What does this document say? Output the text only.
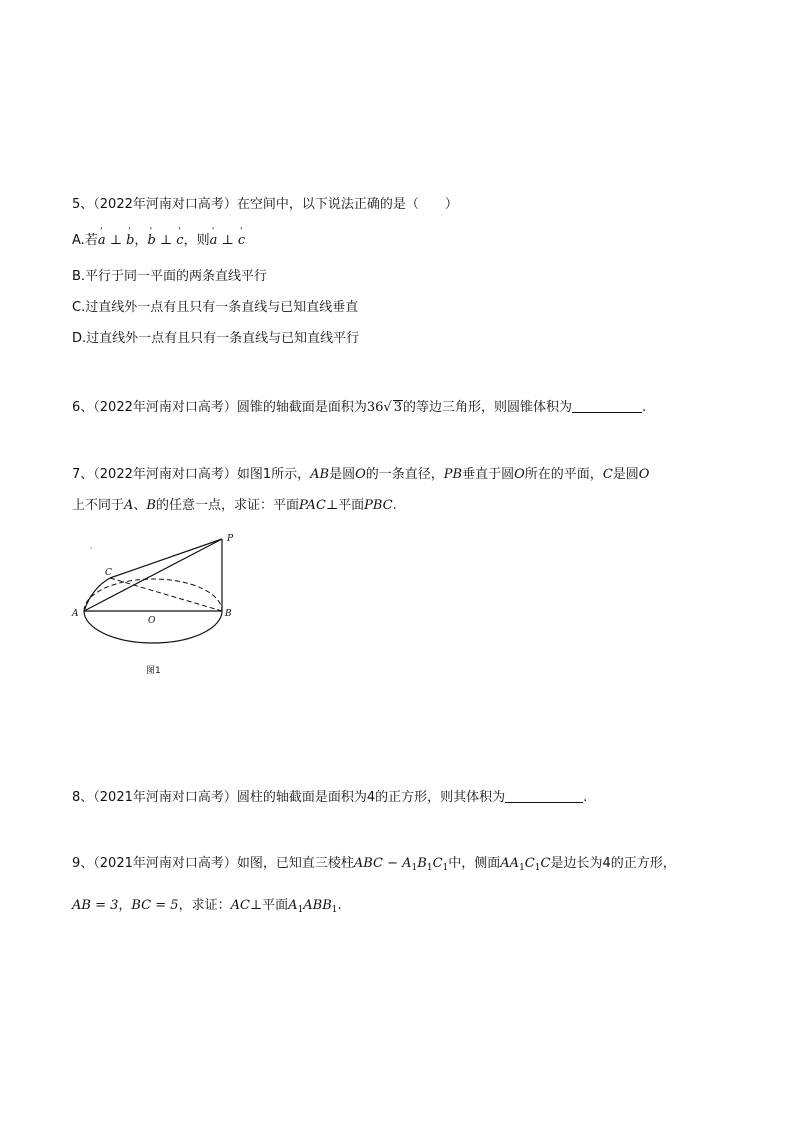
5、（2022年河南对口高考）在空间中，以下说法正确的是（　　）
A.若ˈ a ⊥ ˈ b，ˈ b ⊥ ˈ c，则ˈ a ⊥ ˈ c
B.平行于同一平面的两条直线平行
C.过直线外一点有且只有一条直线与已知直线垂直
D.过直线外一点有且只有一条直线与已知直线平行
6、（2022年河南对口高考）圆锥的轴截面是面积为36√ 3的等边三角形，则圆锥体积为	.
7、（2022年河南对口高考）如图1所示，AB是圆O的一条直径，PB垂直于圆O所在的平面，C是圆O
上不同于A、B的任意一点，求证：平面PAC⊥平面PBC.
P
C
A
O
B
图1
8、（2021年河南对口高考）圆柱的轴截面是面积为4的正方形，则其体积为	.
9、（2021年河南对口高考）如图，已知直三棱柱ABC − $A_1B_1C_1$中，侧面$AA_1C_1C$是边长为4的正方形，
AB = 3，BC = 5，求证：AC⊥平面$A_1ABB_1$.
